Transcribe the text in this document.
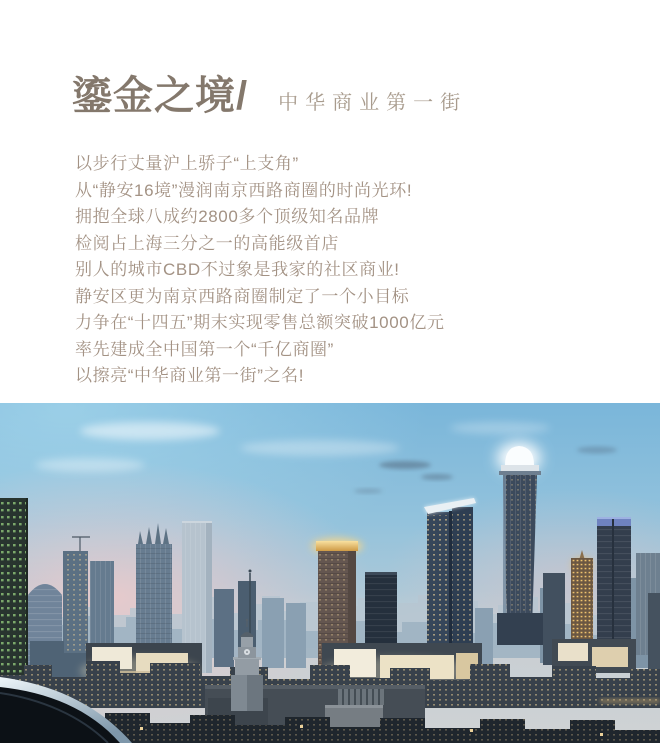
鎏金之境/ 中华商业第一街

以步行丈量沪上骄子“上支角”

从“静安16境”漫润南京西路商圈的时尚光环!

拥抱全球八成约2800多个顶级知名品牌

检阅占上海三分之一的高能级首店

别人的城市CBD不过象是我家的社区商业!

静安区更为南京西路商圈制定了一个小目标

力争在“十四五”期末实现零售总额突破1000亿元

率先建成全中国第一个“千亿商圈”

以擦亮“中华商业第一街”之名!
